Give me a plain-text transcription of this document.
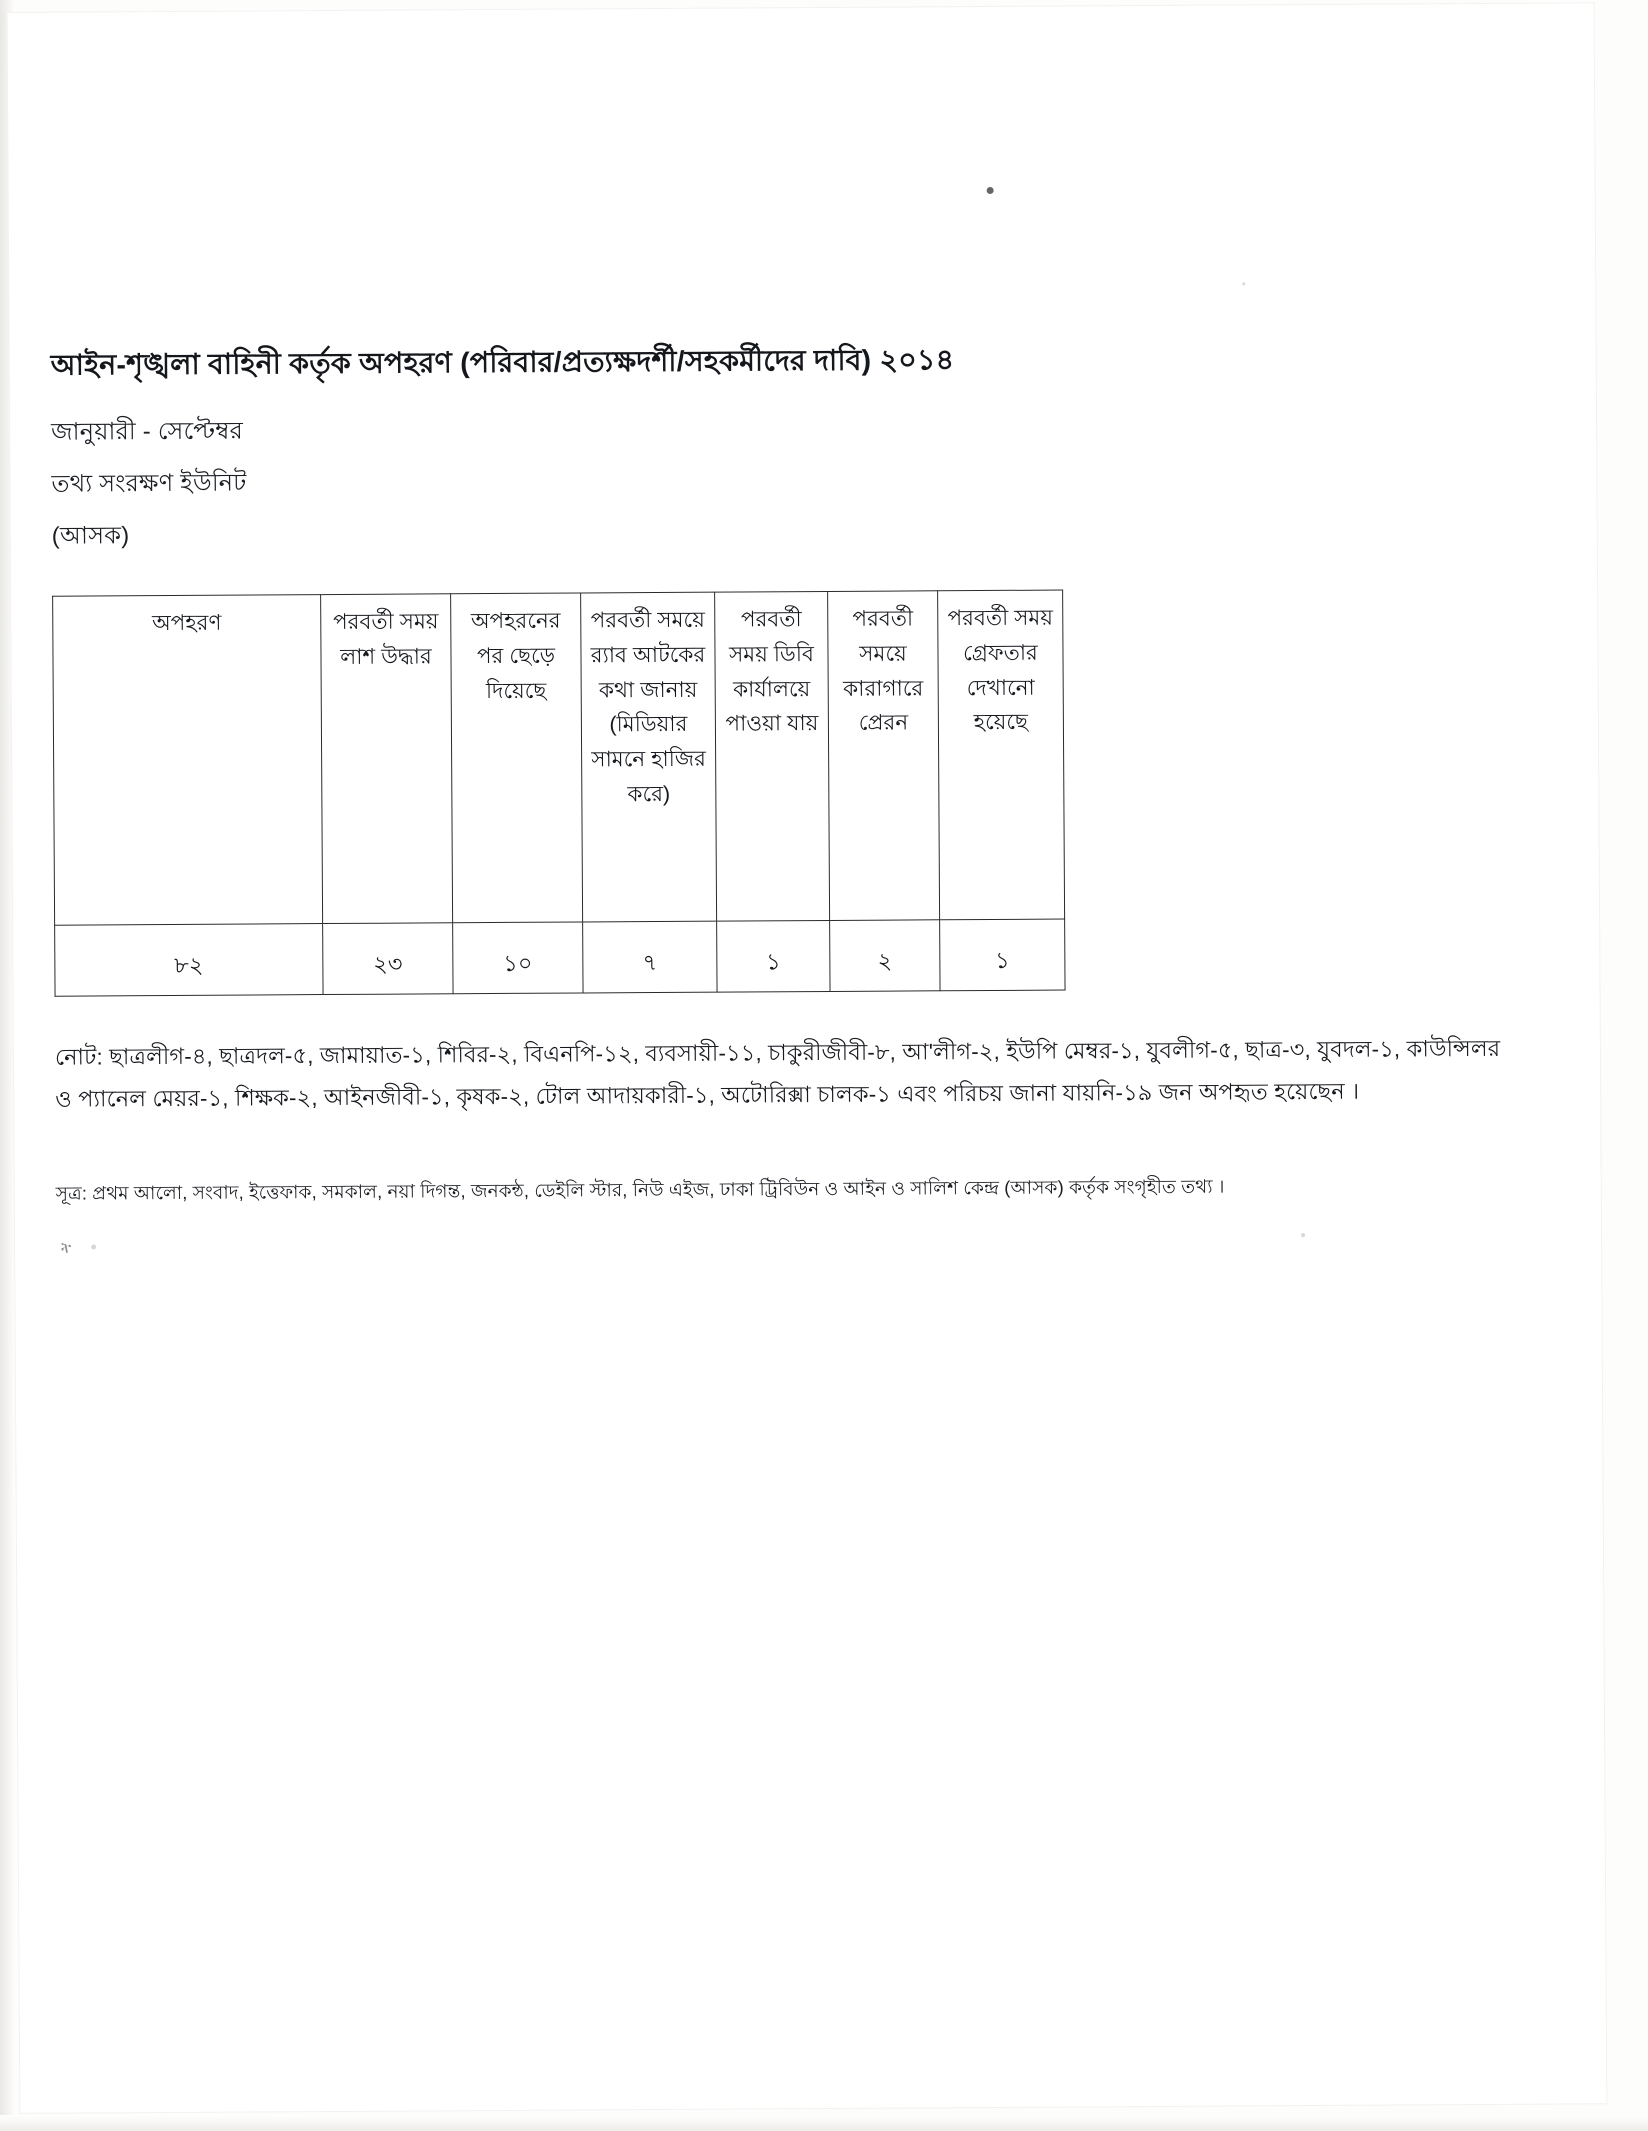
ት
আইন-শৃঙ্খলা বাহিনী কর্তৃক অপহরণ (পরিবার/প্রত্যক্ষদর্শী/সহকর্মীদের দাবি) ২০১৪
জানুয়ারী - সেপ্টেম্বর
তথ্য সংরক্ষণ ইউনিট
(আসক)
অপহরণ	পরবর্তী সময় লাশ উদ্ধার	অপহরনের পর ছেড়ে দিয়েছে	পরবর্তী সময়ে র‌্যাব আটকের কথা জানায় (মিডিয়ার সামনে হাজির করে)	পরবর্তী সময় ডিবি কার্যালয়ে পাওয়া যায়	পরবর্তী সময়ে কারাগারে প্রেরন	পরবর্তী সময় গ্রেফতার দেখানো হয়েছে

৮২	২৩	১০	৭	১	২	১
নোট: ছাত্রলীগ-৪, ছাত্রদল-৫, জামায়াত-১, শিবির-২, বিএনপি-১২, ব্যবসায়ী-১১, চাকুরীজীবী-৮, আ'লীগ-২, ইউপি মেম্বর-১, যুবলীগ-৫, ছাত্র-৩, যুবদল-১, কাউন্সিলর ও প্যানেল মেয়র-১, শিক্ষক-২, আইনজীবী-১, কৃষক-২, টোল আদায়কারী-১, অটোরিক্সা চালক-১ এবং পরিচয় জানা যায়নি-১৯ জন অপহৃত হয়েছেন ।
সূত্র: প্রথম আলো, সংবাদ, ইত্তেফাক, সমকাল, নয়া দিগন্ত, জনকন্ঠ, ডেইলি স্টার, নিউ এইজ, ঢাকা ট্রিবিউন ও আইন ও সালিশ কেন্দ্র (আসক) কর্তৃক সংগৃহীত তথ্য ।
